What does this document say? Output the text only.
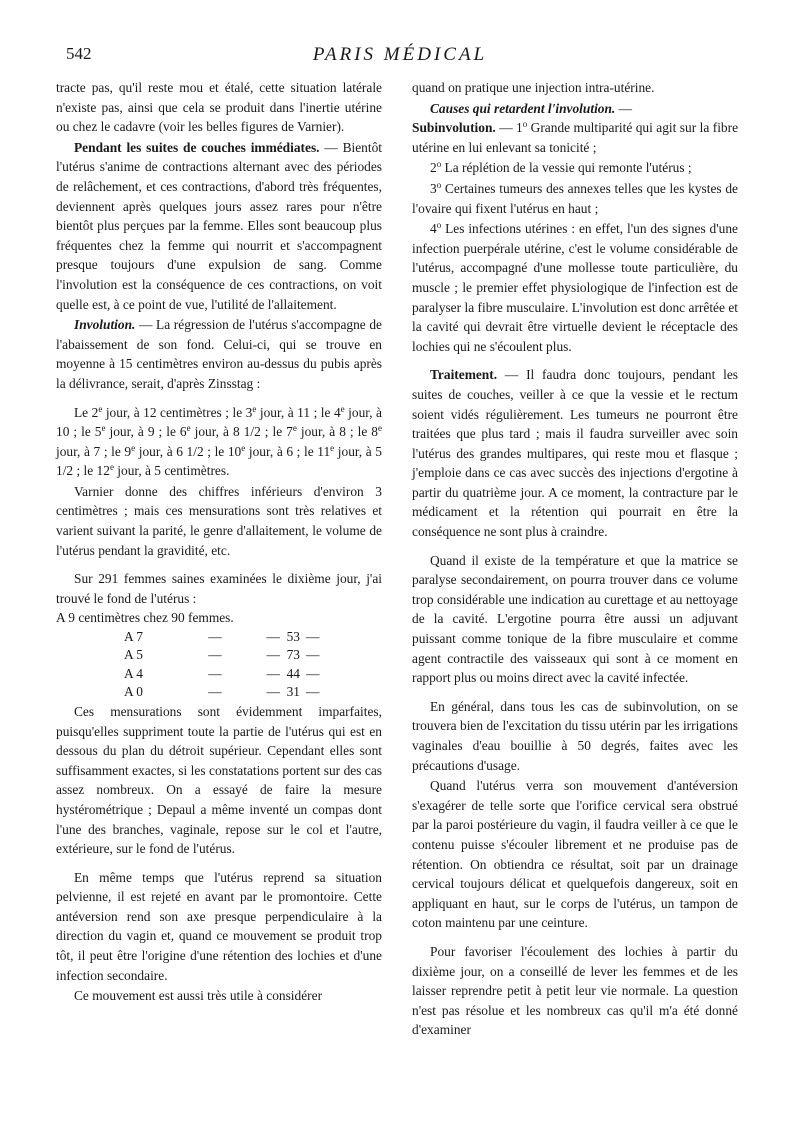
542	PARIS MÉDICAL

tracte pas, qu'il reste mou et étalé, cette situation latérale n'existe pas, ainsi que cela se produit dans l'inertie utérine ou chez le cadavre (voir les belles figures de Varnier).

Pendant les suites de couches immédiates. — Bientôt l'utérus s'anime de contractions alternant avec des périodes de relâchement, et ces contractions, d'abord très fréquentes, deviennent après quelques jours assez rares pour n'être bientôt plus perçues par la femme. Elles sont beaucoup plus fréquentes chez la femme qui nourrit et s'accompagnent presque toujours d'une expulsion de sang. Comme l'involution est la conséquence de ces contractions, on voit quelle est, à ce point de vue, l'utilité de l'allaitement.

Involution. — La régression de l'utérus s'accompagne de l'abaissement de son fond. Celui-ci, qui se trouve en moyenne à 15 centimètres environ au-dessus du pubis après la délivrance, serait, d'après Zinsstag :

Le 2e jour, à 12 centimètres ; le 3e jour, à 11 ; le 4e jour, à 10 ; le 5e jour, à 9 ; le 6e jour, à 8 1/2 ; le 7e jour, à 8 ; le 8e jour, à 7 ; le 9e jour, à 6 1/2 ; le 10e jour, à 6 ; le 11e jour, à 5 1/2 ; le 12e jour, à 5 centimètres.

Varnier donne des chiffres inférieurs d'environ 3 centimètres ; mais ces mensurations sont très relatives et varient suivant la parité, le genre d'allaitement, le volume de l'utérus pendant la gravidité, etc.

Sur 291 femmes saines examinées le dixième jour, j'ai trouvé le fond de l'utérus :

A 9 centimètres chez 90 femmes.

A 7	—	— 53	—
A 5	—	— 73	—
A 4	—	— 44	—
A 0	—	— 31	—

Ces mensurations sont évidemment imparfaites, puisqu'elles suppriment toute la partie de l'utérus qui est en dessous du plan du détroit supérieur. Cependant elles sont suffisamment exactes, si les constatations portent sur des cas assez nombreux. On a essayé de faire la mesure hystérométrique ; Depaul a même inventé un compas dont l'une des branches, vaginale, repose sur le col et l'autre, extérieure, sur le fond de l'utérus.

En même temps que l'utérus reprend sa situation pelvienne, il est rejeté en avant par le promontoire. Cette antéversion rend son axe presque perpendiculaire à la direction du vagin et, quand ce mouvement se produit trop tôt, il peut être l'origine d'une rétention des lochies et d'une infection secondaire.

Ce mouvement est aussi très utile à considérer

quand on pratique une injection intra-utérine.

Causes qui retardent l'involution. —
Subinvolution. — 1$^o$ Grande multiparité qui agit sur la fibre utérine en lui enlevant sa tonicité ;

2$^o$ La réplétion de la vessie qui remonte l'utérus ;

3$^o$ Certaines tumeurs des annexes telles que les kystes de l'ovaire qui fixent l'utérus en haut ;

4$^o$ Les infections utérines : en effet, l'un des signes d'une infection puerpérale utérine, c'est le volume considérable de l'utérus, accompagné d'une mollesse toute particulière, du muscle ; le premier effet physiologique de l'infection est de paralyser la fibre musculaire. L'involution est donc arrêtée et la cavité qui devrait être virtuelle devient le réceptacle des lochies qui ne s'écoulent plus.

Traitement. — Il faudra donc toujours, pendant les suites de couches, veiller à ce que la vessie et le rectum soient vidés régulièrement. Les tumeurs ne pourront être traitées que plus tard ; mais il faudra surveiller avec soin l'utérus des grandes multipares, qui reste mou et flasque ; j'emploie dans ce cas avec succès des injections d'ergotine à partir du quatrième jour. A ce moment, la contracture par le médicament et la rétention qui pourrait en être la conséquence ne sont plus à craindre.

Quand il existe de la température et que la matrice se paralyse secondairement, on pourra trouver dans ce volume trop considérable une indication au curettage et au nettoyage de la cavité. L'ergotine pourra être aussi un adjuvant puissant comme tonique de la fibre musculaire et comme agent contractile des vaisseaux qui sont à ce moment en rapport plus ou moins direct avec la cavité infectée.

En général, dans tous les cas de subinvolution, on se trouvera bien de l'excitation du tissu utérin par les irrigations vaginales d'eau bouillie à 50 degrés, faites avec les précautions d'usage.

Quand l'utérus verra son mouvement d'antéversion s'exagérer de telle sorte que l'orifice cervical sera obstrué par la paroi postérieure du vagin, il faudra veiller à ce que le contenu puisse s'écouler librement et ne produise pas de rétention. On obtiendra ce résultat, soit par un drainage cervical toujours délicat et quelquefois dangereux, soit en appliquant en haut, sur le corps de l'utérus, un tampon de coton maintenu par une ceinture.

Pour favoriser l'écoulement des lochies à partir du dixième jour, on a conseillé de lever les femmes et de les laisser reprendre petit à petit leur vie normale. La question n'est pas résolue et les nombreux cas qu'il m'a été donné d'examiner
